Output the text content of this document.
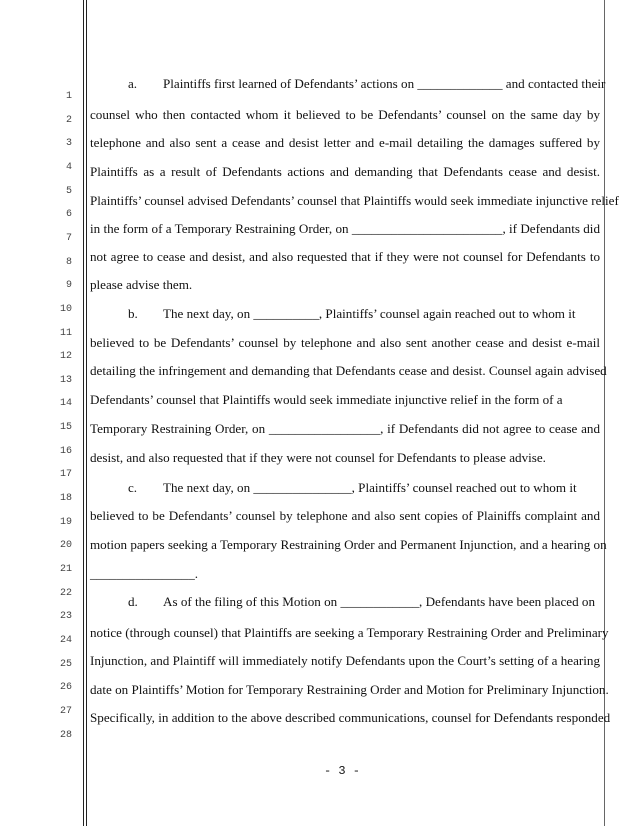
1
2
3
4
5
6
7
8
9
10
11
12
13
14
15
16
17
18
19
20
21
22
23
24
25
26
27
28
a. Plaintiffs first learned of Defendants’ actions on _____________ and contacted their
counsel who then contacted whom it believed to be Defendants’ counsel on the same day by
telephone and also sent a cease and desist letter and e-mail detailing the damages suffered by
Plaintiffs as a result of Defendants actions and demanding that Defendants cease and desist.
Plaintiffs’ counsel advised Defendants’ counsel that Plaintiffs would seek immediate injunctive relief
in the form of a Temporary Restraining Order, on _______________________, if Defendants did
not agree to cease and desist, and also requested that if they were not counsel for Defendants to
please advise them.
b. The next day, on __________, Plaintiffs’ counsel again reached out to whom it
believed to be Defendants’ counsel by telephone and also sent another cease and desist e-mail
detailing the infringement and demanding that Defendants cease and desist. Counsel again advised
Defendants’ counsel that Plaintiffs would seek immediate injunctive relief in the form of a
Temporary Restraining Order, on _________________, if Defendants did not agree to cease and
desist, and also requested that if they were not counsel for Defendants to please advise.
c. The next day, on _______________, Plaintiffs’ counsel reached out to whom it
believed to be Defendants’ counsel by telephone and also sent copies of Plainiffs complaint and
motion papers seeking a Temporary Restraining Order and Permanent Injunction, and a hearing on
________________.
d. As of the filing of this Motion on ____________, Defendants have been placed on
notice (through counsel) that Plaintiffs are seeking a Temporary Restraining Order and Preliminary
Injunction, and Plaintiff will immediately notify Defendants upon the Court’s setting of a hearing
date on Plaintiffs’ Motion for Temporary Restraining Order and Motion for Preliminary Injunction.
Specifically, in addition to the above described communications, counsel for Defendants responded
- 3 -
